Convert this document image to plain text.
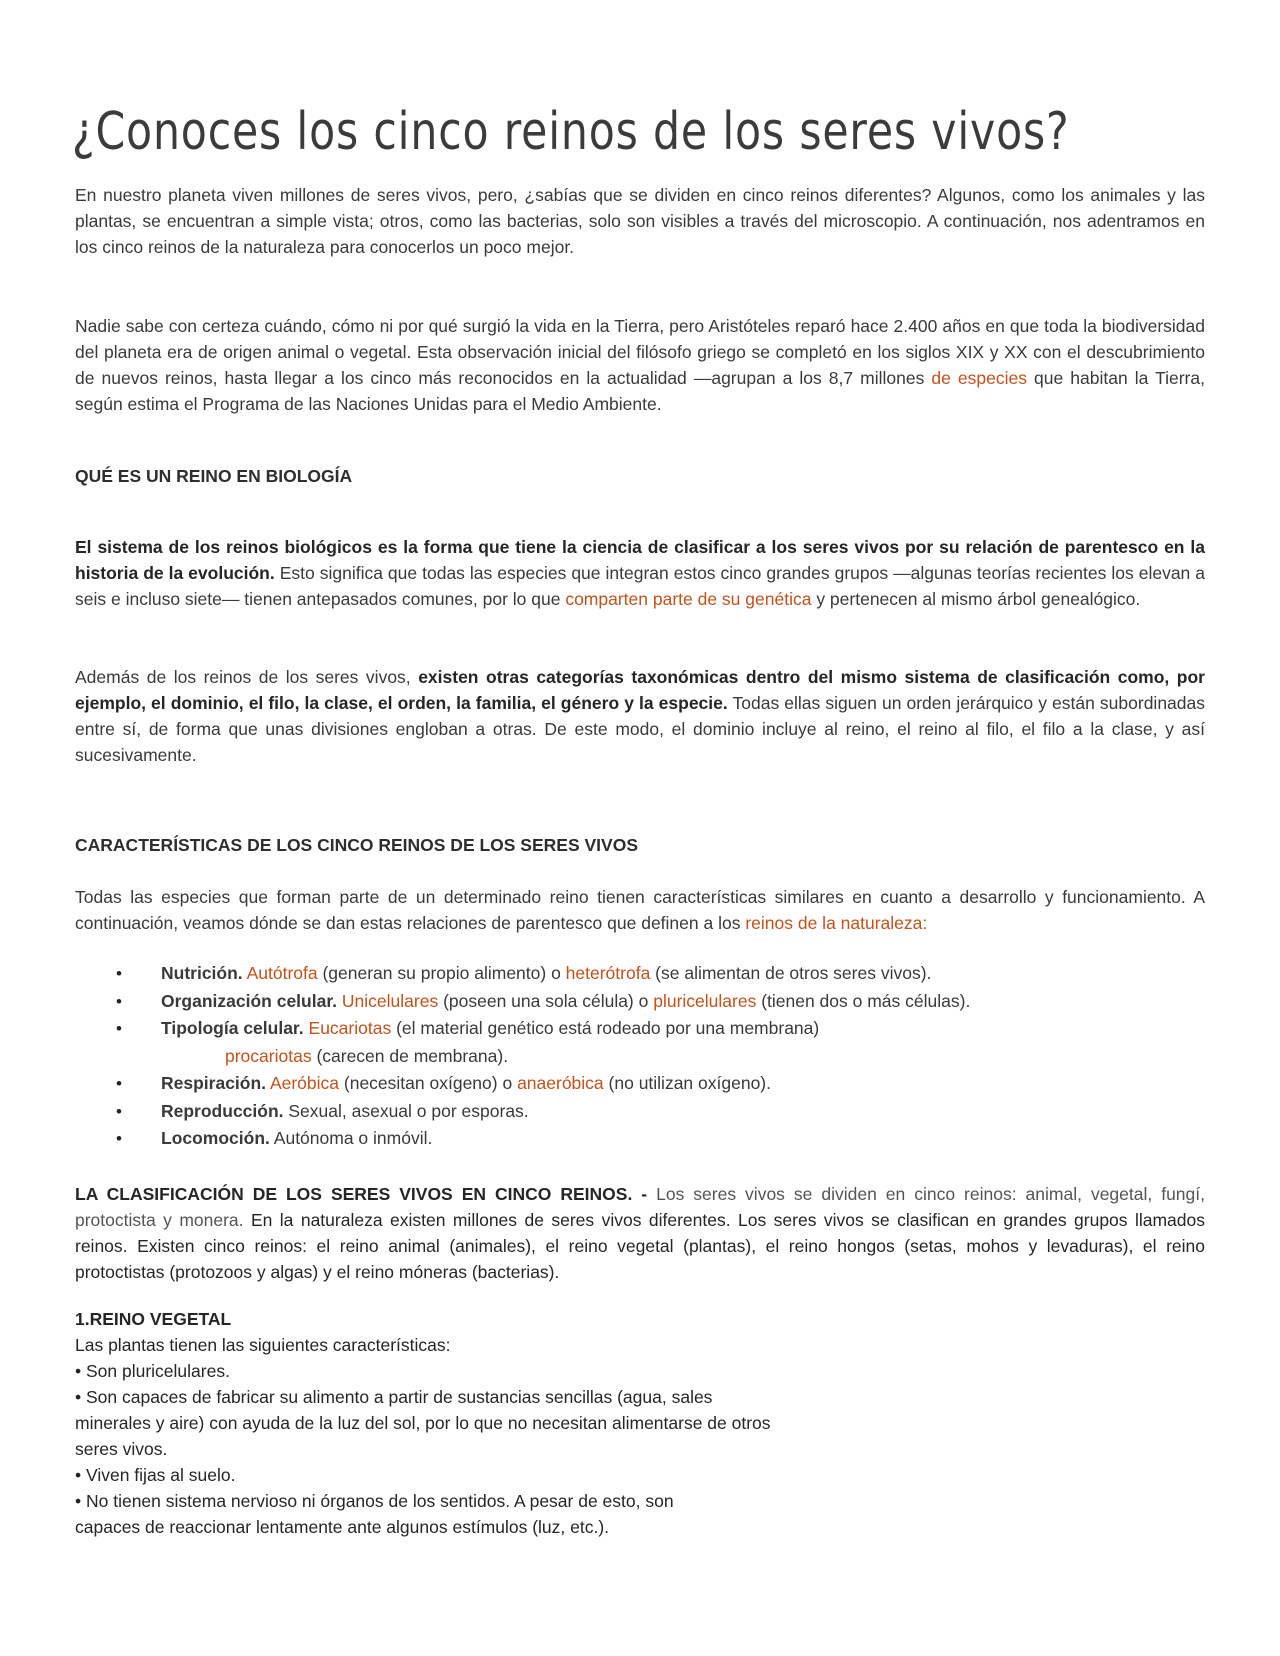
¿Conoces los cinco reinos de los seres vivos?
En nuestro planeta viven millones de seres vivos, pero, ¿sabías que se dividen en cinco reinos diferentes? Algunos, como los animales y las plantas, se encuentran a simple vista; otros, como las bacterias, solo son visibles a través del microscopio. A continuación, nos adentramos en los cinco reinos de la naturaleza para conocerlos un poco mejor.
Nadie sabe con certeza cuándo, cómo ni por qué surgió la vida en la Tierra, pero Aristóteles reparó hace 2.400 años en que toda la biodiversidad del planeta era de origen animal o vegetal. Esta observación inicial del filósofo griego se completó en los siglos XIX y XX con el descubrimiento de nuevos reinos, hasta llegar a los cinco más reconocidos en la actualidad —agrupan a los 8,7 millones de especies que habitan la Tierra, según estima el Programa de las Naciones Unidas para el Medio Ambiente.
QUÉ ES UN REINO EN BIOLOGÍA
El sistema de los reinos biológicos es la forma que tiene la ciencia de clasificar a los seres vivos por su relación de parentesco en la historia de la evolución. Esto significa que todas las especies que integran estos cinco grandes grupos —algunas teorías recientes los elevan a seis e incluso siete— tienen antepasados comunes, por lo que comparten parte de su genética y pertenecen al mismo árbol genealógico.
Además de los reinos de los seres vivos, existen otras categorías taxonómicas dentro del mismo sistema de clasificación como, por ejemplo, el dominio, el filo, la clase, el orden, la familia, el género y la especie. Todas ellas siguen un orden jerárquico y están subordinadas entre sí, de forma que unas divisiones engloban a otras. De este modo, el dominio incluye al reino, el reino al filo, el filo a la clase, y así sucesivamente.
CARACTERÍSTICAS DE LOS CINCO REINOS DE LOS SERES VIVOS
Todas las especies que forman parte de un determinado reino tienen características similares en cuanto a desarrollo y funcionamiento. A continuación, veamos dónde se dan estas relaciones de parentesco que definen a los reinos de la naturaleza:
• Nutrición. Autótrofa (generan su propio alimento) o heterótrofa (se alimentan de otros seres vivos).
• Organización celular. Unicelulares (poseen una sola célula) o pluricelulares (tienen dos o más células).
• Tipología celular. Eucariotas (el material genético está rodeado por una membrana)
procariotas (carecen de membrana).
• Respiración. Aeróbica (necesitan oxígeno) o anaeróbica (no utilizan oxígeno).
• Reproducción. Sexual, asexual o por esporas.
• Locomoción. Autónoma o inmóvil.
LA CLASIFICACIÓN DE LOS SERES VIVOS EN CINCO REINOS. - Los seres vivos se dividen en cinco reinos: animal, vegetal, fungí, protoctista y monera. En la naturaleza existen millones de seres vivos diferentes. Los seres vivos se clasifican en grandes grupos llamados reinos. Existen cinco reinos: el reino animal (animales), el reino vegetal (plantas), el reino hongos (setas, mohos y levaduras), el reino protoctistas (protozoos y algas) y el reino móneras (bacterias).
1.REINO VEGETAL
Las plantas tienen las siguientes características:
• Son pluricelulares.
• Son capaces de fabricar su alimento a partir de sustancias sencillas (agua, sales minerales y aire) con ayuda de la luz del sol, por lo que no necesitan alimentarse de otros seres vivos.
• Viven fijas al suelo.
• No tienen sistema nervioso ni órganos de los sentidos. A pesar de esto, son capaces de reaccionar lentamente ante algunos estímulos (luz, etc.).
